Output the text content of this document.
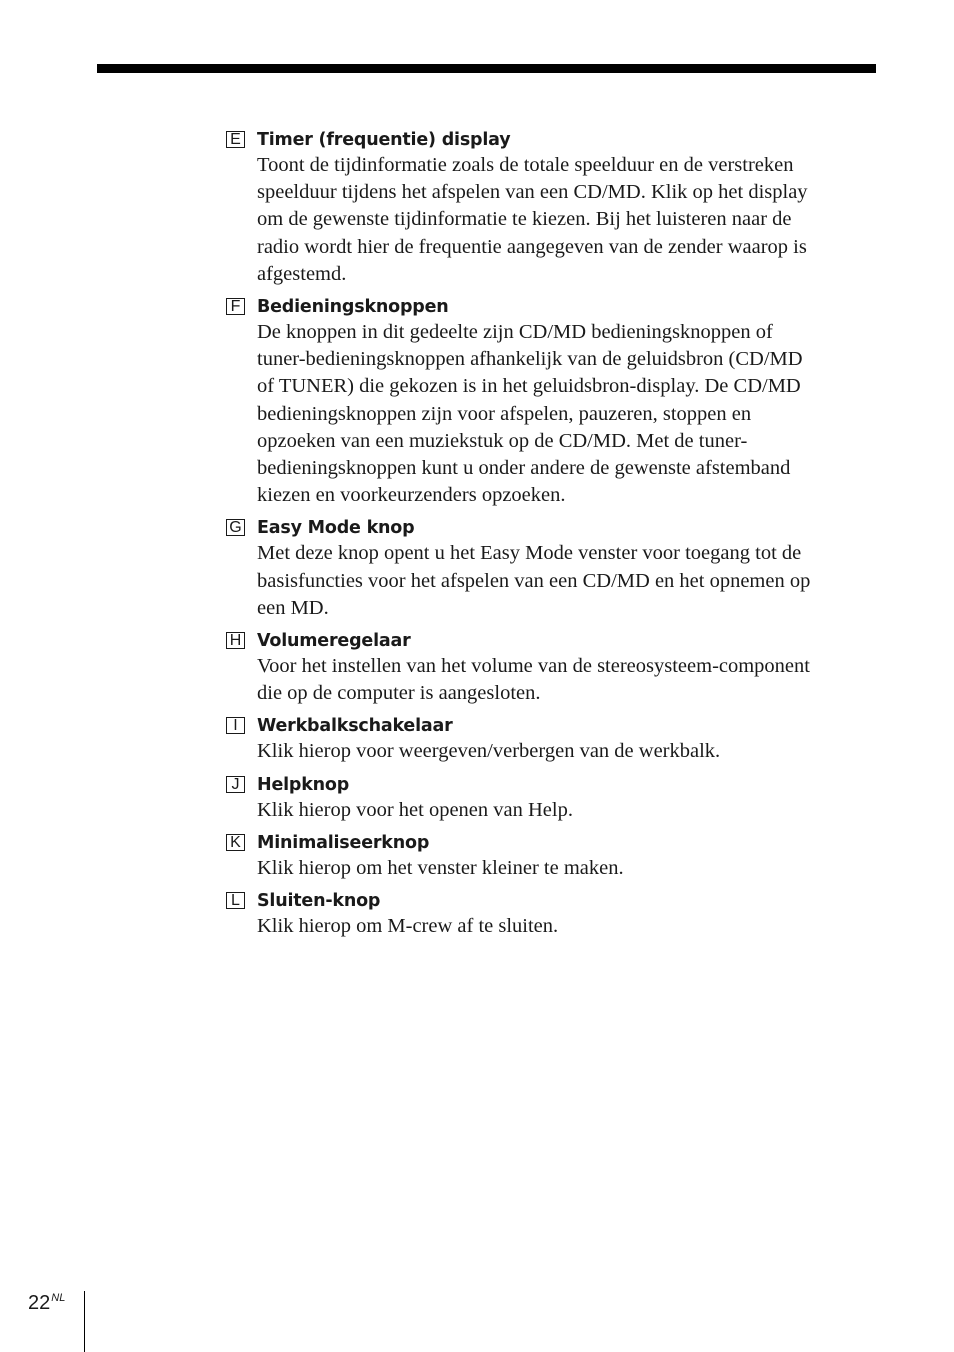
E Timer (frequentie) display
Toont de tijdinformatie zoals de totale speelduur en de verstreken
speelduur tijdens het afspelen van een CD/MD. Klik op het display
om de gewenste tijdinformatie te kiezen. Bij het luisteren naar de
radio wordt hier de frequentie aangegeven van de zender waarop is
afgestemd.
F Bedieningsknoppen
De knoppen in dit gedeelte zijn CD/MD bedieningsknoppen of
tuner-bedieningsknoppen afhankelijk van de geluidsbron (CD/MD
of TUNER) die gekozen is in het geluidsbron-display. De CD/MD
bedieningsknoppen zijn voor afspelen, pauzeren, stoppen en
opzoeken van een muziekstuk op de CD/MD. Met de tuner-
bedieningsknoppen kunt u onder andere de gewenste afstemband
kiezen en voorkeurzenders opzoeken.
G Easy Mode knop
Met deze knop opent u het Easy Mode venster voor toegang tot de
basisfuncties voor het afspelen van een CD/MD en het opnemen op
een MD.
H Volumeregelaar
Voor het instellen van het volume van de stereosysteem-component
die op de computer is aangesloten.
I	Werkbalkschakelaar
Klik hierop voor weergeven/verbergen van de werkbalk.
J	Helpknop
Klik hierop voor het openen van Help.
K Minimaliseerknop
Klik hierop om het venster kleiner te maken.
L Sluiten-knop
Klik hierop om M-crew af te sluiten.
$22^{NL}$
